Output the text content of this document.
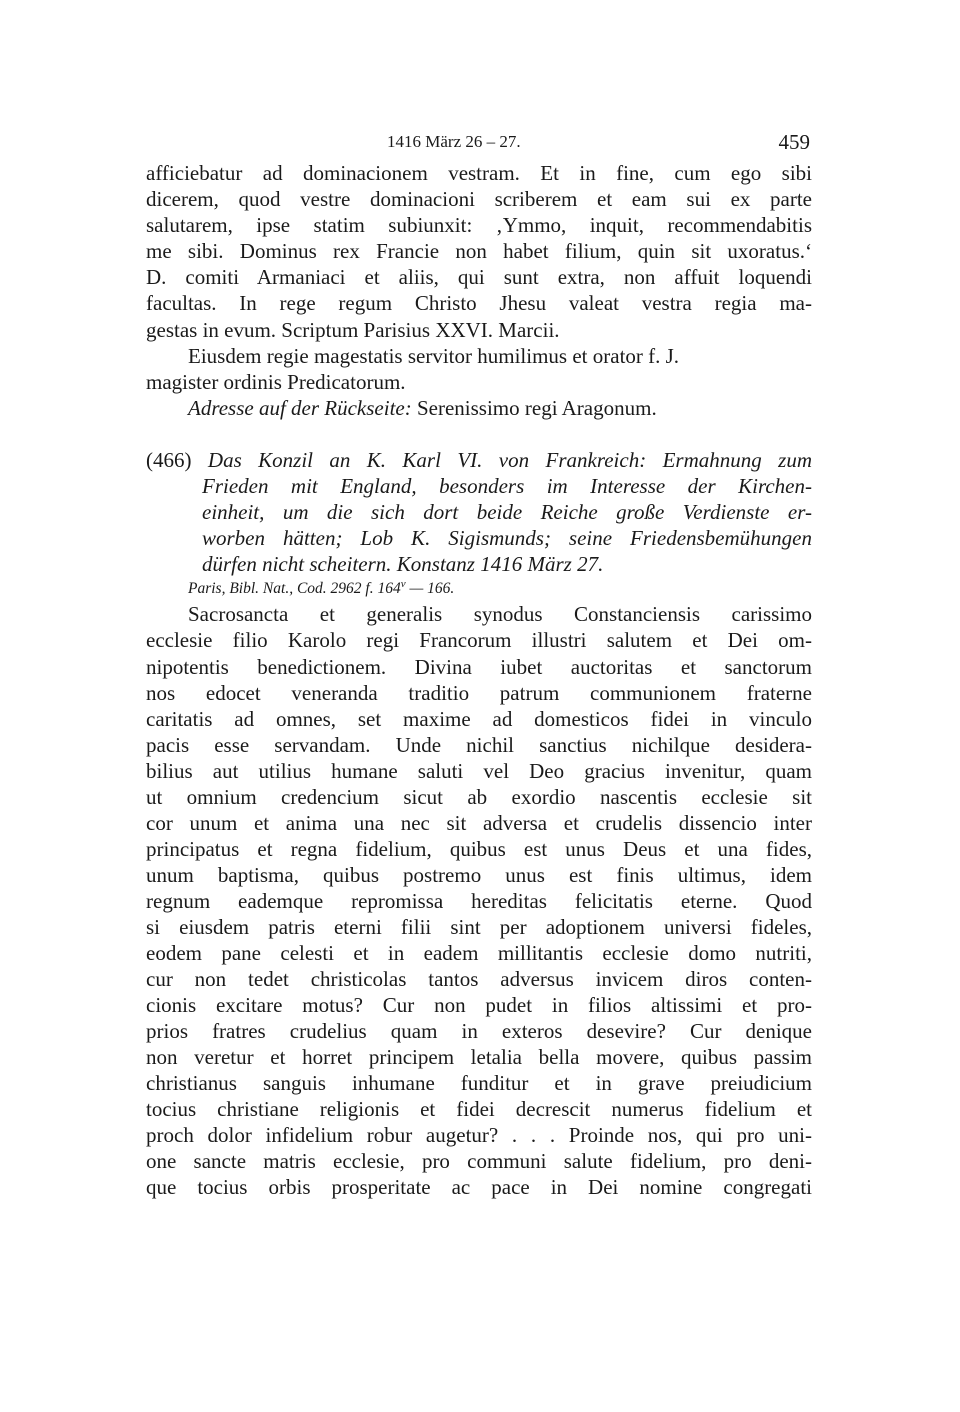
1416 März 26 – 27.	459
afficiebatur ad dominacionem vestram. Et in fine, cum ego sibi
dicerem, quod vestre dominacioni scriberem et eam sui ex parte
salutarem, ipse statim subiunxit: ‚Ymmo, inquit, recommendabitis
me sibi. Dominus rex Francie non habet filium, quin sit uxoratus.‘
D. comiti Armaniaci et aliis, qui sunt extra, non affuit loquendi
facultas. In rege regum Christo Jhesu valeat vestra regia ma-
gestas in evum. Scriptum Parisius XXVI. Marcii.
Eiusdem regie magestatis servitor humilimus et orator f. J.
magister ordinis Predicatorum.
Adresse auf der Rückseite: Serenissimo regi Aragonum.
(466) Das Konzil an K. Karl VI. von Frankreich: Ermahnung zum
Frieden mit England, besonders im Interesse der Kirchen-
einheit, um die sich dort beide Reiche große Verdienste er-
worben hätten; Lob K. Sigismunds; seine Friedensbemühungen
dürfen nicht scheitern. Konstanz 1416 März 27.
Paris, Bibl. Nat., Cod. 2962 f. 164$^v$ — 166.
Sacrosancta et generalis synodus Constanciensis carissimo
ecclesie filio Karolo regi Francorum illustri salutem et Dei om-
nipotentis benedictionem. Divina iubet auctoritas et sanctorum
nos edocet veneranda traditio patrum communionem fraterne
caritatis ad omnes, set maxime ad domesticos fidei in vinculo
pacis esse servandam. Unde nichil sanctius nichilque desidera-
bilius aut utilius humane saluti vel Deo gracius invenitur, quam
ut omnium credencium sicut ab exordio nascentis ecclesie sit
cor unum et anima una nec sit adversa et crudelis dissencio inter
principatus et regna fidelium, quibus est unus Deus et una fides,
unum baptisma, quibus postremo unus est finis ultimus, idem
regnum eademque repromissa hereditas felicitatis eterne. Quod
si eiusdem patris eterni filii sint per adoptionem universi fideles,
eodem pane celesti et in eadem millitantis ecclesie domo nutriti,
cur non tedet christicolas tantos adversus invicem diros conten-
cionis excitare motus? Cur non pudet in filios altissimi et pro-
prios fratres crudelius quam in exteros desevire? Cur denique
non veretur et horret principem letalia bella movere, quibus passim
christianus sanguis inhumane funditur et in grave preiudicium
tocius christiane religionis et fidei decrescit numerus fidelium et
proch dolor infidelium robur augetur? . . . Proinde nos, qui pro uni-
one sancte matris ecclesie, pro communi salute fidelium, pro deni-
que tocius orbis prosperitate ac pace in Dei nomine congregati
